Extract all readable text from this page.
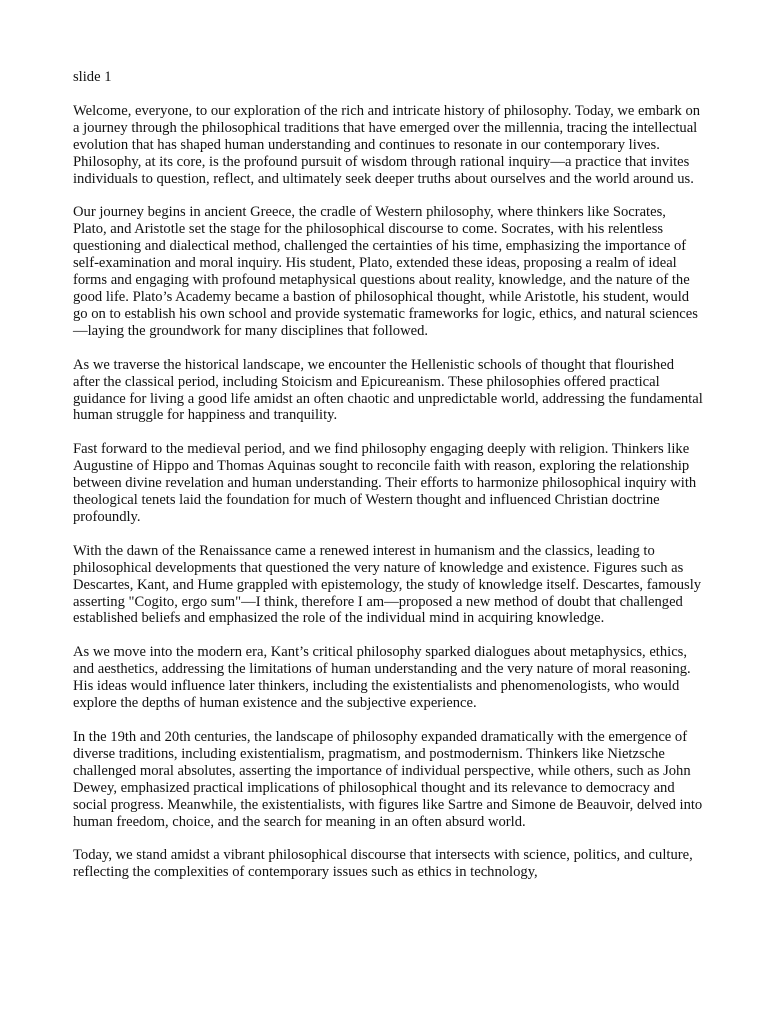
slide 1

Welcome, everyone, to our exploration of the rich and intricate history of philosophy. Today, we embark on a journey through the philosophical traditions that have emerged over the millennia, tracing the intellectual evolution that has shaped human understanding and continues to resonate in our contemporary lives. Philosophy, at its core, is the profound pursuit of wisdom through rational inquiry—a practice that invites individuals to question, reflect, and ultimately seek deeper truths about ourselves and the world around us.

Our journey begins in ancient Greece, the cradle of Western philosophy, where thinkers like Socrates, Plato, and Aristotle set the stage for the philosophical discourse to come. Socrates, with his relentless questioning and dialectical method, challenged the certainties of his time, emphasizing the importance of self-examination and moral inquiry. His student, Plato, extended these ideas, proposing a realm of ideal forms and engaging with profound metaphysical questions about reality, knowledge, and the nature of the good life. Plato’s Academy became a bastion of philosophical thought, while Aristotle, his student, would go on to establish his own school and provide systematic frameworks for logic, ethics, and natural sciences—laying the groundwork for many disciplines that followed.

As we traverse the historical landscape, we encounter the Hellenistic schools of thought that flourished after the classical period, including Stoicism and Epicureanism. These philosophies offered practical guidance for living a good life amidst an often chaotic and unpredictable world, addressing the fundamental human struggle for happiness and tranquility.

Fast forward to the medieval period, and we find philosophy engaging deeply with religion. Thinkers like Augustine of Hippo and Thomas Aquinas sought to reconcile faith with reason, exploring the relationship between divine revelation and human understanding. Their efforts to harmonize philosophical inquiry with theological tenets laid the foundation for much of Western thought and influenced Christian doctrine profoundly.

With the dawn of the Renaissance came a renewed interest in humanism and the classics, leading to philosophical developments that questioned the very nature of knowledge and existence. Figures such as Descartes, Kant, and Hume grappled with epistemology, the study of knowledge itself. Descartes, famously asserting "Cogito, ergo sum"—I think, therefore I am—proposed a new method of doubt that challenged established beliefs and emphasized the role of the individual mind in acquiring knowledge.

As we move into the modern era, Kant’s critical philosophy sparked dialogues about metaphysics, ethics, and aesthetics, addressing the limitations of human understanding and the very nature of moral reasoning. His ideas would influence later thinkers, including the existentialists and phenomenologists, who would explore the depths of human existence and the subjective experience.

In the 19th and 20th centuries, the landscape of philosophy expanded dramatically with the emergence of diverse traditions, including existentialism, pragmatism, and postmodernism. Thinkers like Nietzsche challenged moral absolutes, asserting the importance of individual perspective, while others, such as John Dewey, emphasized practical implications of philosophical thought and its relevance to democracy and social progress. Meanwhile, the existentialists, with figures like Sartre and Simone de Beauvoir, delved into human freedom, choice, and the search for meaning in an often absurd world.

Today, we stand amidst a vibrant philosophical discourse that intersects with science, politics, and culture, reflecting the complexities of contemporary issues such as ethics in technology,
